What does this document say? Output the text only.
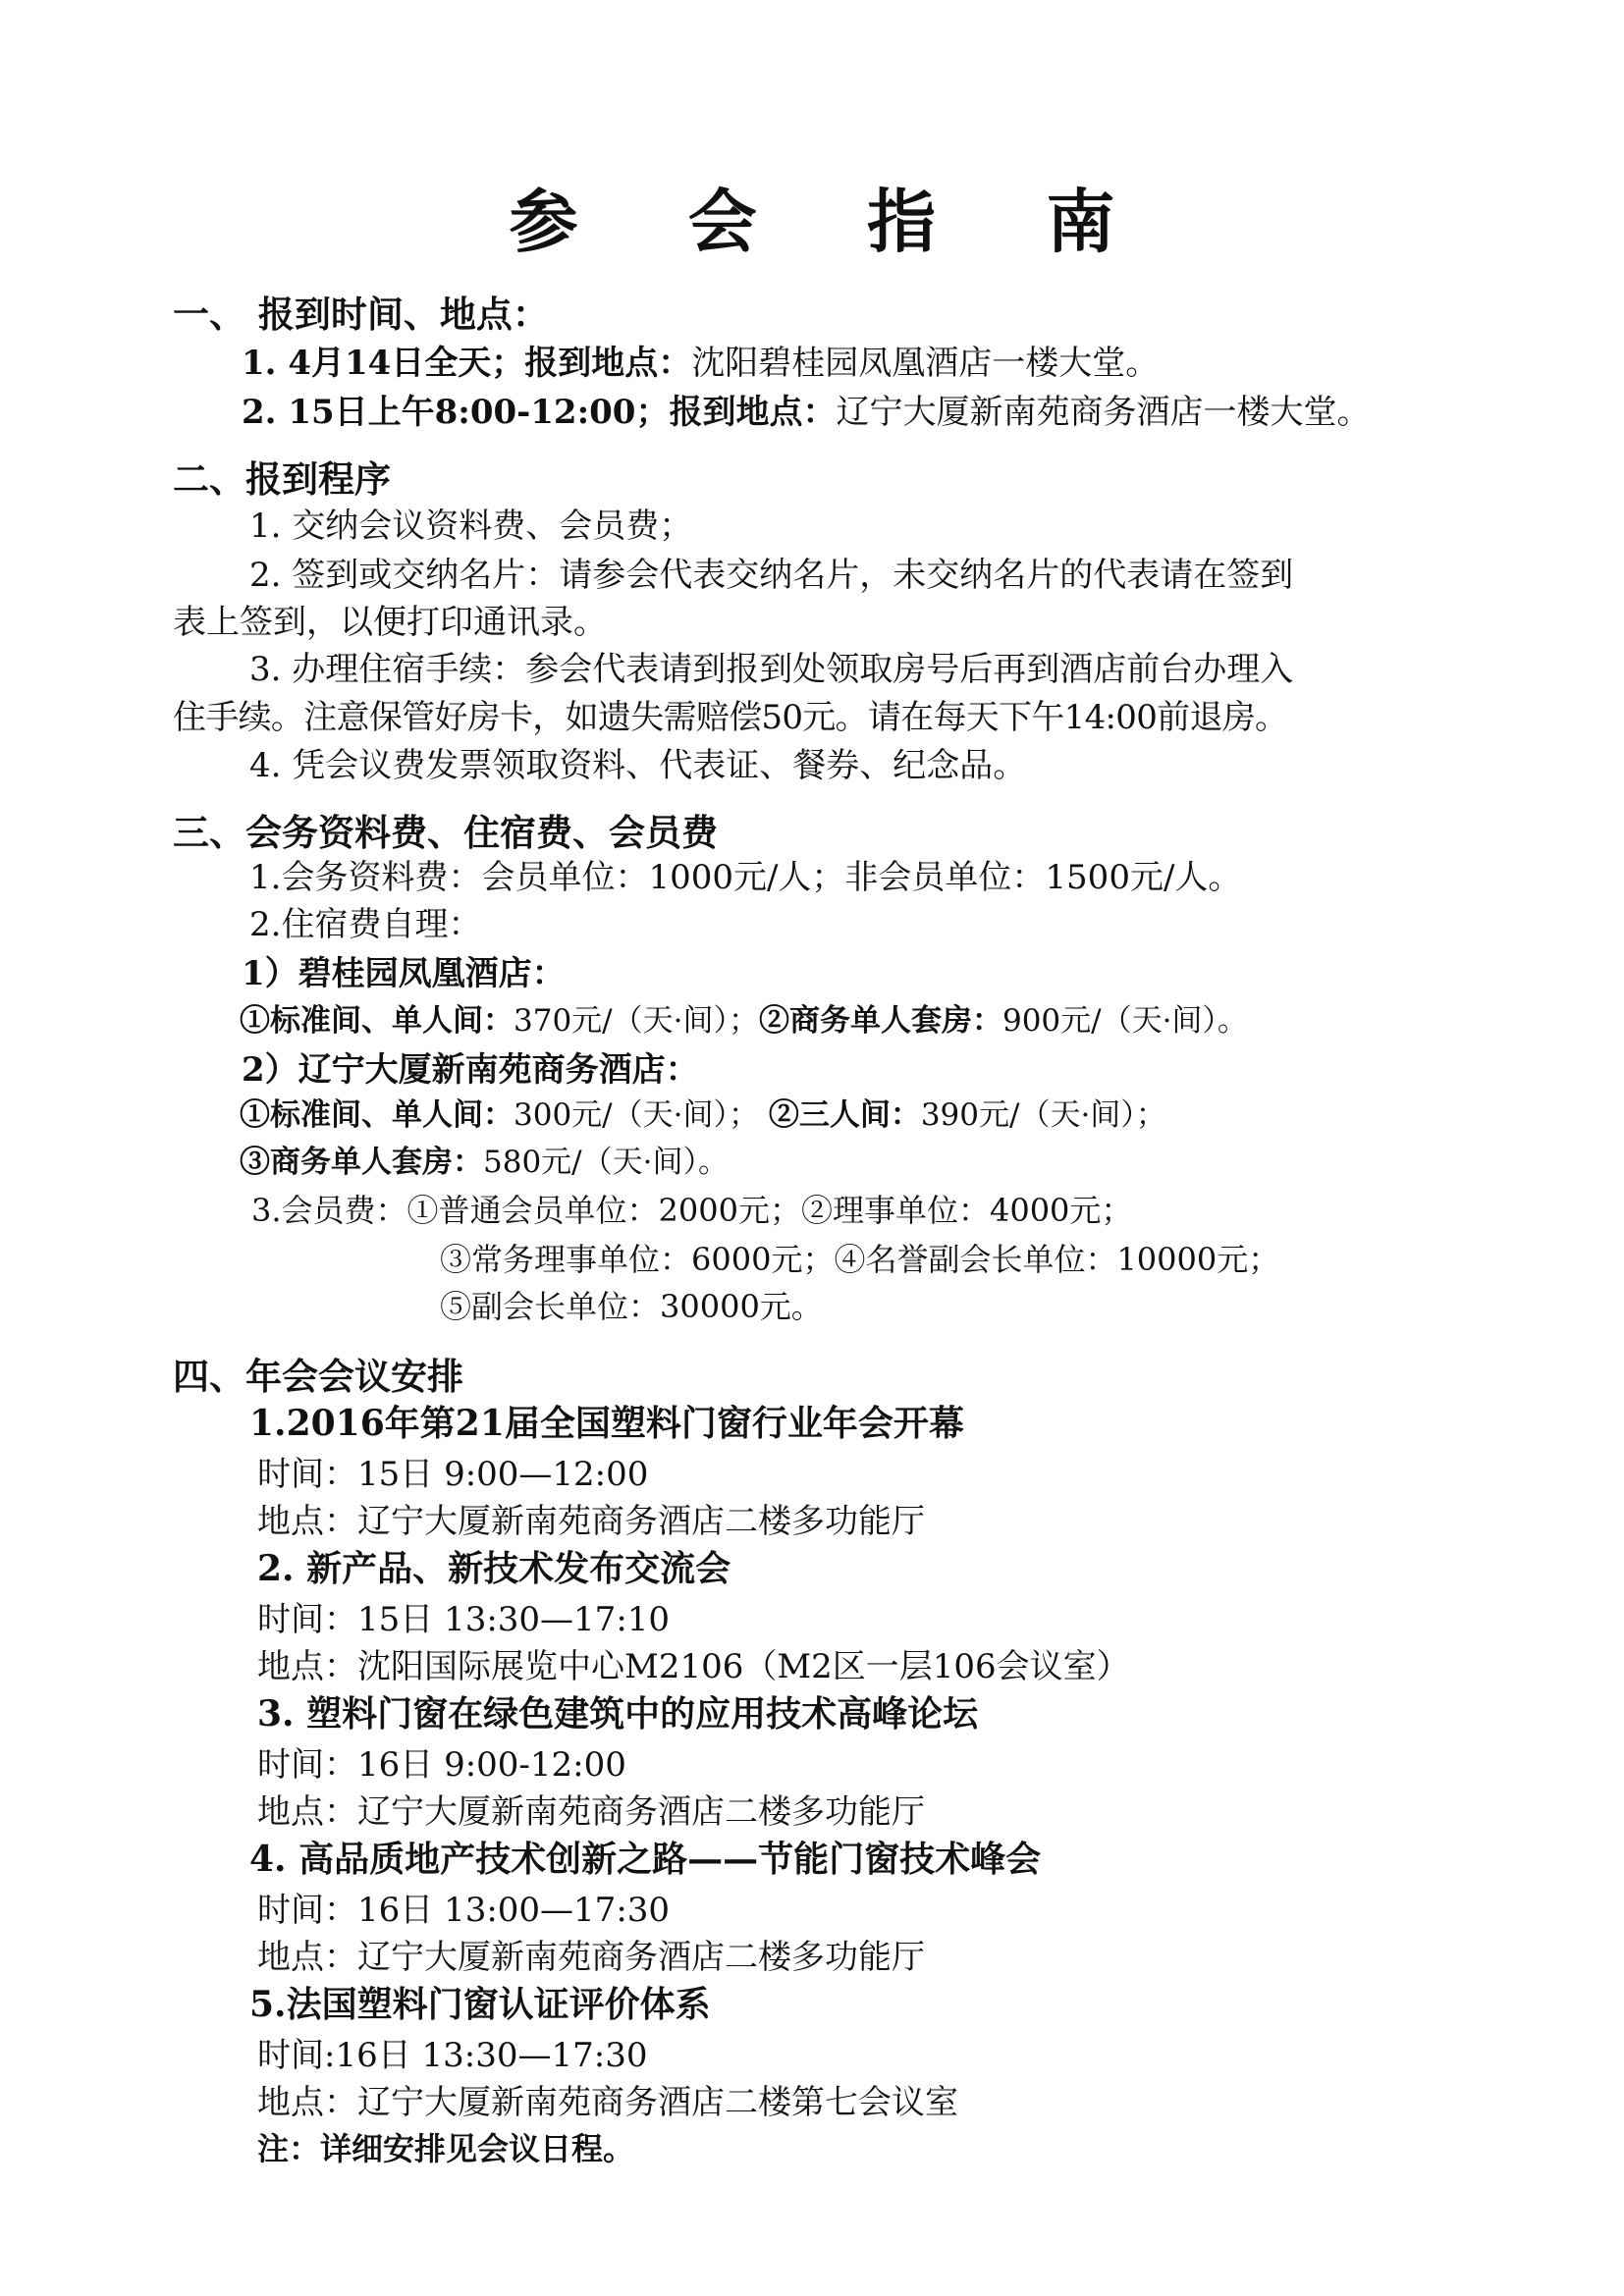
参 会 指 南
一、 报到时间、地点：
1. 4月14日全天；报到地点：沈阳碧桂园凤凰酒店一楼大堂。
2. 15日上午8:00-12:00；报到地点：辽宁大厦新南苑商务酒店一楼大堂。
二、报到程序
1. 交纳会议资料费、会员费；
2. 签到或交纳名片：请参会代表交纳名片，未交纳名片的代表请在签到
表上签到，以便打印通讯录。
3. 办理住宿手续：参会代表请到报到处领取房号后再到酒店前台办理入
住手续。注意保管好房卡，如遗失需赔偿50元。请在每天下午14:00前退房。
4. 凭会议费发票领取资料、代表证、餐券、纪念品。
三、会务资料费、住宿费、会员费
1.会务资料费：会员单位：1000元/人；非会员单位：1500元/人。
2.住宿费自理：
1）碧桂园凤凰酒店：
①标准间、单人间：370元/（天·间）；②商务单人套房：900元/（天·间）。
2）辽宁大厦新南苑商务酒店：
①标准间、单人间：300元/（天·间）； ②三人间：390元/（天·间）；
③商务单人套房：580元/（天·间）。
3.会员费：①普通会员单位：2000元；②理事单位：4000元；
③常务理事单位：6000元；④名誉副会长单位：10000元；
⑤副会长单位：30000元。
四、年会会议安排
1.2016年第21届全国塑料门窗行业年会开幕
时间：15日 9:00—12:00
地点：辽宁大厦新南苑商务酒店二楼多功能厅
2. 新产品、新技术发布交流会
时间：15日 13:30—17:10
地点：沈阳国际展览中心M2106（M2区一层106会议室）
3. 塑料门窗在绿色建筑中的应用技术高峰论坛
时间：16日 9:00-12:00
地点：辽宁大厦新南苑商务酒店二楼多功能厅
4. 高品质地产技术创新之路——节能门窗技术峰会
时间：16日 13:00—17:30
地点：辽宁大厦新南苑商务酒店二楼多功能厅
5.法国塑料门窗认证评价体系
时间:16日 13:30—17:30
地点：辽宁大厦新南苑商务酒店二楼第七会议室
注：详细安排见会议日程。
